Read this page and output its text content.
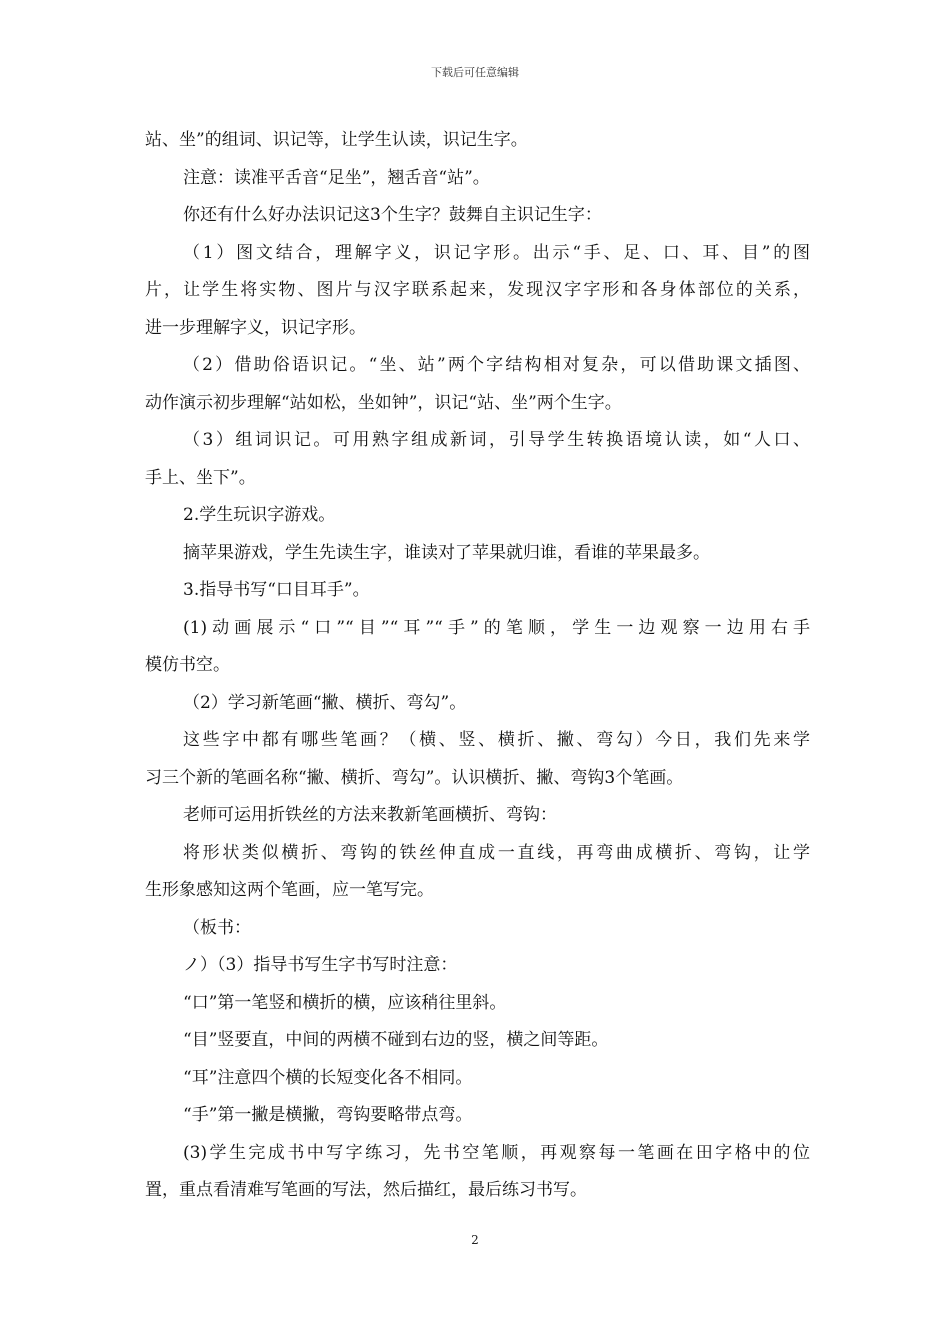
下载后可任意编辑
站、坐”的组词、识记等，让学生认读，识记生字。
注意：读准平舌音“足坐”，翘舌音“站”。
你还有什么好办法识记这3个生字？鼓舞自主识记生字：
（1）图文结合，理解字义，识记字形。出示“手、足、口、耳、目”的图
片，让学生将实物、图片与汉字联系起来，发现汉字字形和各身体部位的关系，
进一步理解字义，识记字形。
（2）借助俗语识记。“坐、站”两个字结构相对复杂，可以借助课文插图、
动作演示初步理解“站如松，坐如钟”，识记“站、坐”两个生字。
（3）组词识记。可用熟字组成新词，引导学生转换语境认读，如“人口、
手上、坐下”。
2.学生玩识字游戏。
摘苹果游戏，学生先读生字，谁读对了苹果就归谁，看谁的苹果最多。
3.指导书写“口目耳手”。
(1)动画展示“口”“目”“耳”“手”的笔顺，学生一边观察一边用右手
模仿书空。
（2）学习新笔画“撇、横折、弯勾”。
这些字中都有哪些笔画？（横、竖、横折、撇、弯勾）今日，我们先来学
习三个新的笔画名称“撇、横折、弯勾”。认识横折、撇、弯钩3个笔画。
老师可运用折铁丝的方法来教新笔画横折、弯钩：
将形状类似横折、弯钩的铁丝伸直成一直线，再弯曲成横折、弯钩，让学
生形象感知这两个笔画，应一笔写完。
（板书：
ノ）（3）指导书写生字书写时注意：
“口”第一笔竖和横折的横，应该稍往里斜。
“目”竖要直，中间的两横不碰到右边的竖，横之间等距。
“耳”注意四个横的长短变化各不相同。
“手”第一撇是横撇，弯钩要略带点弯。
(3)学生完成书中写字练习，先书空笔顺，再观察每一笔画在田字格中的位
置，重点看清难写笔画的写法，然后描红，最后练习书写。
2
